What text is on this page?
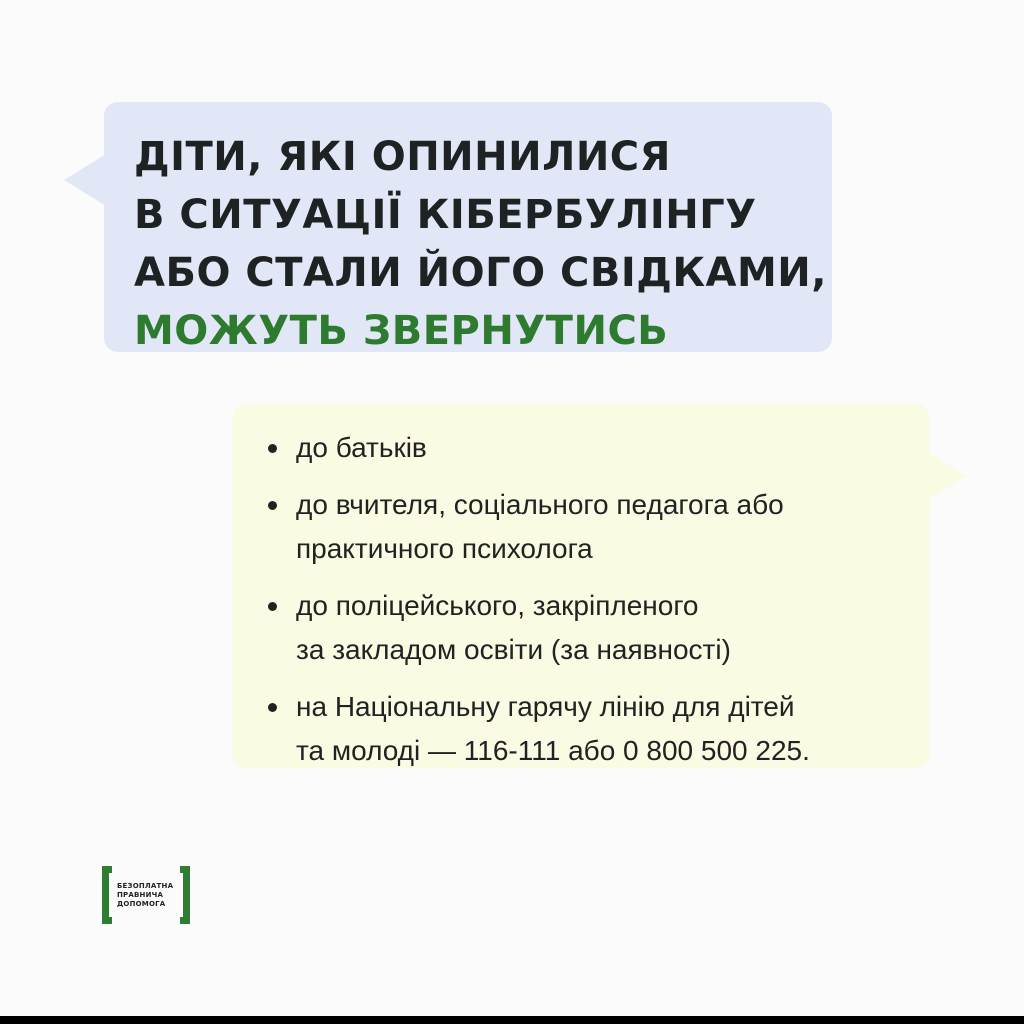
ДІТИ, ЯКІ ОПИНИЛИСЯ
В СИТУАЦІЇ КІБЕРБУЛІНГУ
АБО СТАЛИ ЙОГО СВІДКАМИ,
МОЖУТЬ ЗВЕРНУТИСЬ
до батьків
до вчителя, соціального педагога або
практичного психолога
до поліцейського, закріпленого
за закладом освіти (за наявності)
на Національну гарячу лінію для дітей
та молоді — 116-111 або 0 800 500 225.
БЕЗОПЛАТНА
ПРАВНИЧА
ДОПОМОГА
